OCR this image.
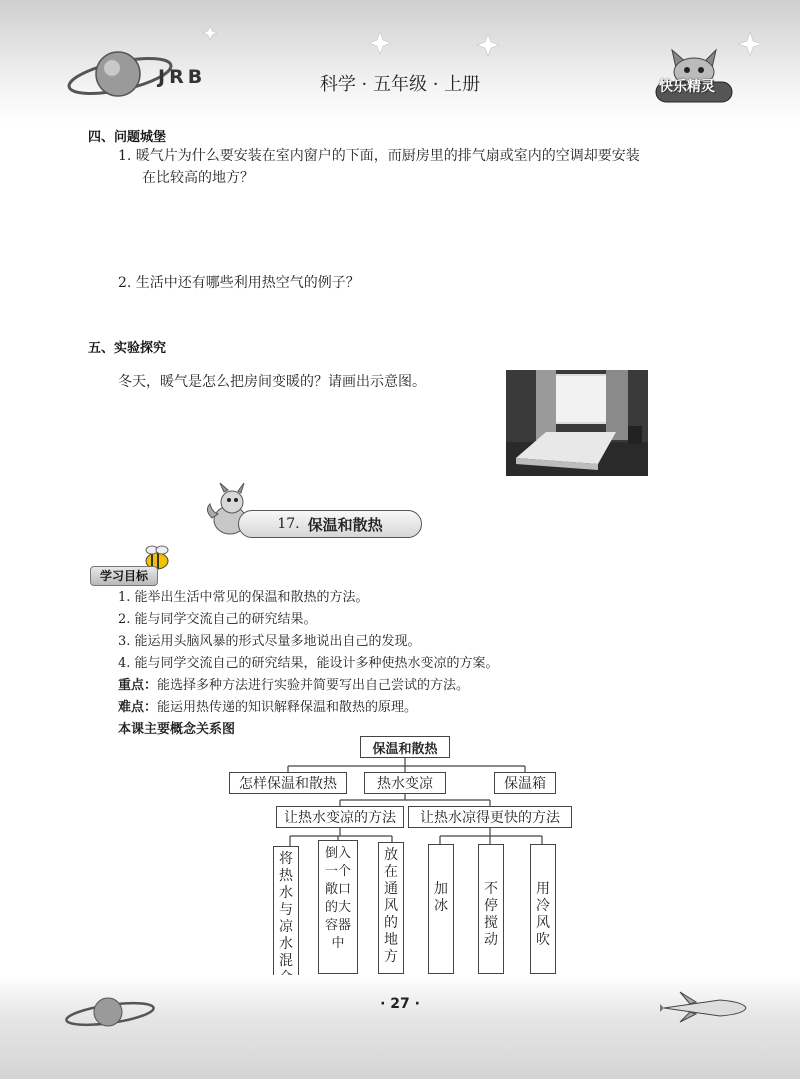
JRB	科学 · 五年级 · 上册	快乐精灵
四、问题城堡
1. 暖气片为什么要安装在室内窗户的下面，而厨房里的排气扇或室内的空调却要安装
在比较高的地方？
2. 生活中还有哪些利用热空气的例子？
五、实验探究
冬天，暖气是怎么把房间变暖的？请画出示意图。
17. 保温和散热
学习目标
1. 能举出生活中常见的保温和散热的方法。
2. 能与同学交流自己的研究结果。
3. 能运用头脑风暴的形式尽量多地说出自己的发现。
4. 能与同学交流自己的研究结果，能设计多种使热水变凉的方案。
重点：能选择多种方法进行实验并简要写出自己尝试的方法。
难点：能运用热传递的知识解释保温和散热的原理。
本课主要概念关系图
保温和散热
怎样保温和散热	热水变凉	保温箱
让热水变凉的方法	让热水凉得更快的方法
将
热
水
与
凉
水
混
倒入
一个
敞口
的大
容器
中
放
在
通
风
的
地
方
加
冰
不
停
搅
动
用
冷
风
吹
· 27 ·
